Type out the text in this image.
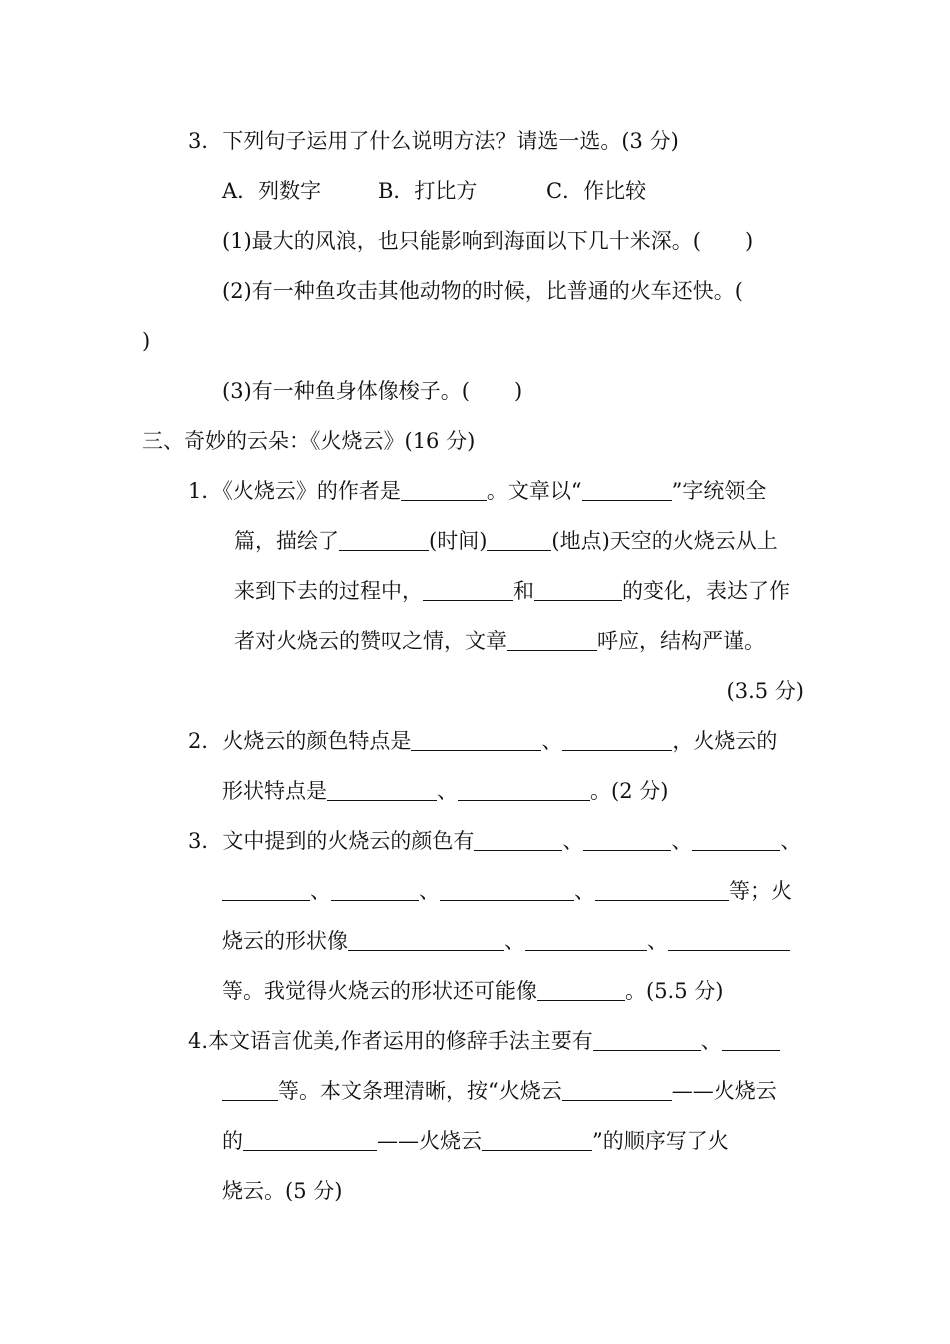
3．下列句子运用了什么说明方法？请选一选。(3 分)
A．列数字	B．打比方	C．作比较
(1)最大的风浪，也只能影响到海面以下几十米深。( )
(2)有一种鱼攻击其他动物的时候，比普通的火车还快。(
)
(3)有一种鱼身体像梭子。( )
三、奇妙的云朵：《火烧云》(16 分)
1．《火烧云》的作者是	。文章以“	”字统领全
篇，描绘了	(时间)	(地点)天空的火烧云从上
来到下去的过程中，	和	的变化，表达了作
者对火烧云的赞叹之情，文章	呼应，结构严谨。
(3.5 分)
2．火烧云的颜色特点是	、	，火烧云的
形状特点是	、	。(2 分)
3．文中提到的火烧云的颜色有	、	、	、
、	、	、	等；火
烧云的形状像	、	、
等。我觉得火烧云的形状还可能像	。(5.5 分)
4.本文语言优美,作者运用的修辞手法主要有	、
等。本文条理清晰，按“火烧云	——火烧云
的	——火烧云	”的顺序写了火
烧云。(5 分)
